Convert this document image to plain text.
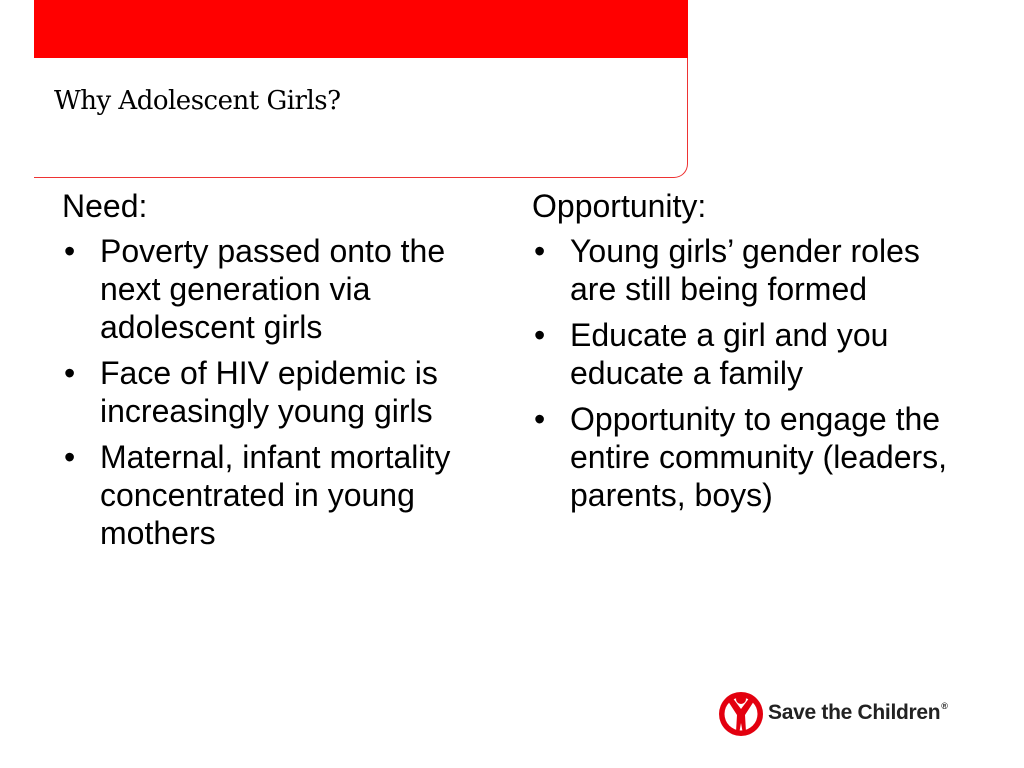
Why Adolescent Girls?
Need:
• Poverty passed onto the next generation via adolescent girls
• Face of HIV epidemic is increasingly young girls
• Maternal, infant mortality concentrated in young mothers
Opportunity:
• Young girls’ gender roles are still being formed
• Educate a girl and you educate a family
• Opportunity to engage the entire community (leaders, parents, boys)
Save the Children®
